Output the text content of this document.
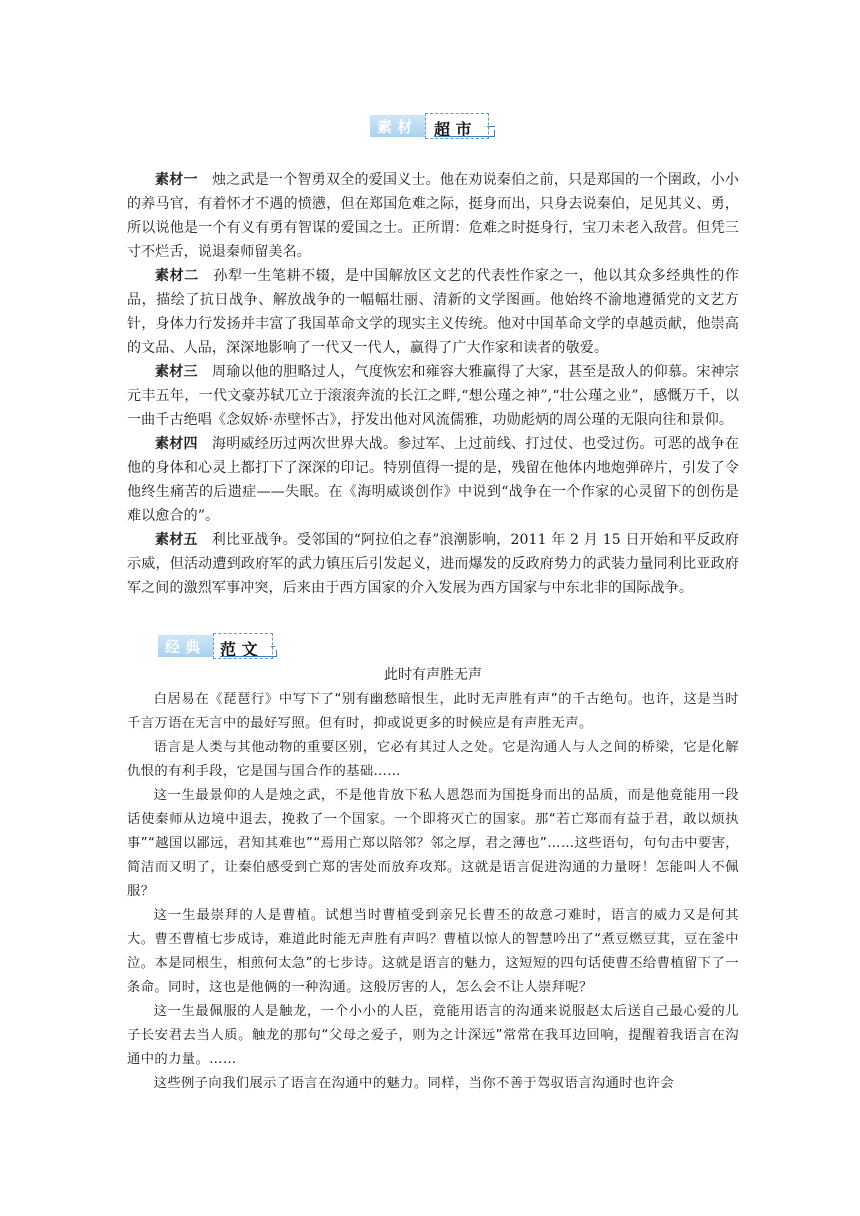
素 材 超 市

素材一　 烛之武是一个智勇双全的爱国义士。他在劝说秦伯之前，只是郑国的一个圉政，小小的养马官，有着怀才不遇的愤懑，但在郑国危难之际，挺身而出，只身去说秦伯，足见其义、勇，所以说他是一个有义有勇有智谋的爱国之士。正所谓：危难之时挺身行，宝刀未老入敌营。但凭三寸不烂舌，说退秦师留美名。

素材二　 孙犁一生笔耕不辍，是中国解放区文艺的代表性作家之一，他以其众多经典性的作品，描绘了抗日战争、解放战争的一幅幅壮丽、清新的文学图画。他始终不渝地遵循党的文艺方针，身体力行发扬并丰富了我国革命文学的现实主义传统。他对中国革命文学的卓越贡献，他崇高的文品、人品，深深地影响了一代又一代人，赢得了广大作家和读者的敬爱。

素材三　 周瑜以他的胆略过人，气度恢宏和雍容大雅赢得了大家，甚至是敌人的仰慕。宋神宗元丰五年，一代文豪苏轼兀立于滚滚奔流的长江之畔,“想公瑾之神”,“壮公瑾之业”，感慨万千，以一曲千古绝唱《念奴娇·赤壁怀古》，抒发出他对风流儒雅，功勋彪炳的周公瑾的无限向往和景仰。

素材四　 海明威经历过两次世界大战。参过军、上过前线、打过仗、也受过伤。可恶的战争在他的身体和心灵上都打下了深深的印记。特别值得一提的是，残留在他体内地炮弹碎片，引发了令他终生痛苦的后遗症——失眠。在《海明威谈创作》中说到“战争在一个作家的心灵留下的创伤是难以愈合的”。

素材五　 利比亚战争。受邻国的“阿拉伯之春”浪潮影响，2011 年 2 月 15 日开始和平反政府示威，但活动遭到政府军的武力镇压后引发起义，进而爆发的反政府势力的武装力量同利比亚政府军之间的激烈军事冲突，后来由于西方国家的介入发展为西方国家与中东北非的国际战争。

经 典 范 文
此时有声胜无声

白居易在《琵琶行》中写下了“别有幽愁暗恨生，此时无声胜有声”的千古绝句。也许，这是当时千言万语在无言中的最好写照。但有时，抑或说更多的时候应是有声胜无声。

语言是人类与其他动物的重要区别，它必有其过人之处。它是沟通人与人之间的桥梁，它是化解仇恨的有利手段，它是国与国合作的基础……

这一生最景仰的人是烛之武，不是他肯放下私人恩怨而为国挺身而出的品质，而是他竟能用一段话使秦师从边境中退去，挽救了一个国家。一个即将灭亡的国家。那“若亡郑而有益于君，敢以烦执事”“越国以鄙远，君知其难也”“焉用亡郑以陪邻？邻之厚，君之薄也”……这些语句，句句击中要害，简洁而又明了，让秦伯感受到亡郑的害处而放弃攻郑。这就是语言促进沟通的力量呀！怎能叫人不佩服？

这一生最崇拜的人是曹植。试想当时曹植受到亲兄长曹丕的故意刁难时，语言的威力又是何其大。曹丕曹植七步成诗，难道此时能无声胜有声吗？曹植以惊人的智慧吟出了“煮豆燃豆萁，豆在釜中泣。本是同根生，相煎何太急”的七步诗。这就是语言的魅力，这短短的四句话使曹丕给曹植留下了一条命。同时，这也是他俩的一种沟通。这般厉害的人，怎么会不让人崇拜呢？

这一生最佩服的人是触龙，一个小小的人臣，竟能用语言的沟通来说服赵太后送自己最心爱的儿子长安君去当人质。触龙的那句“父母之爱子，则为之计深远”常常在我耳边回响，提醒着我语言在沟通中的力量。……

这些例子向我们展示了语言在沟通中的魅力。同样，当你不善于驾驭语言沟通时也许会
